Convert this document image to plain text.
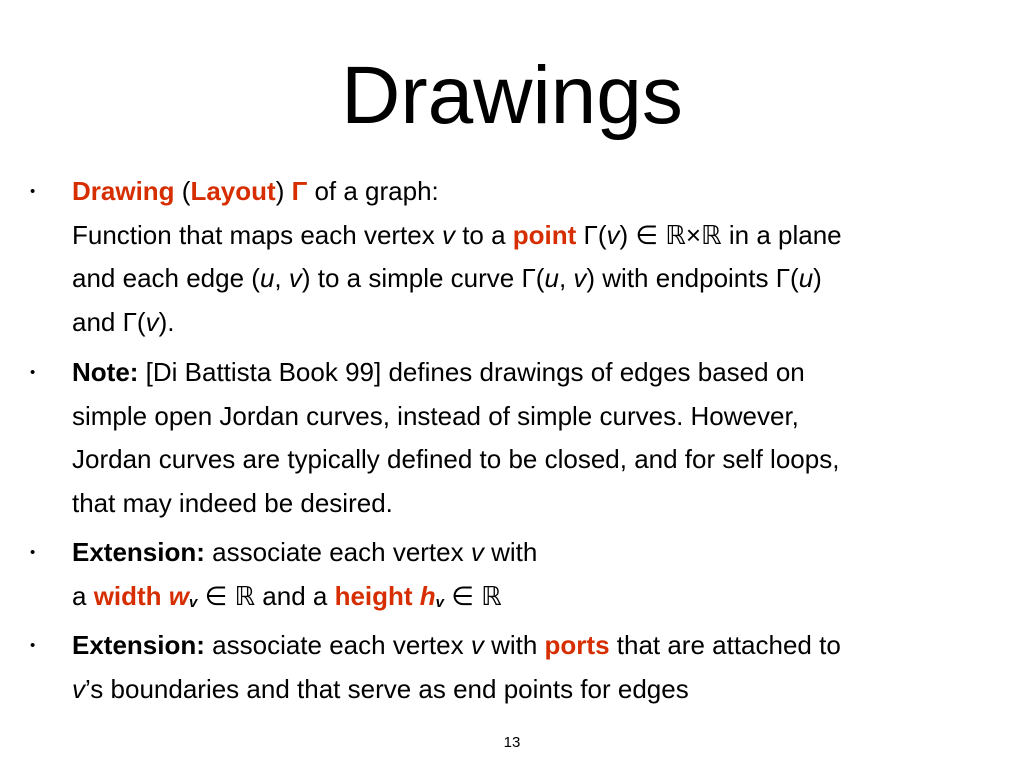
Drawings
• Drawing (Layout) Γ of a graph:
Function that maps each vertex v to a point Γ(v) ∈ ℝ×ℝ in a plane
and each edge (u, v) to a simple curve Γ(u, v) with endpoints Γ(u)
and Γ(v).
• Note: [Di Battista Book 99] defines drawings of edges based on
simple open Jordan curves, instead of simple curves. However,
Jordan curves are typically defined to be closed, and for self loops,
that may indeed be desired.
• Extension: associate each vertex v with
a width wv ∈ ℝ and a height hv ∈ ℝ
• Extension: associate each vertex v with ports that are attached to
v’s boundaries and that serve as end points for edges
13
